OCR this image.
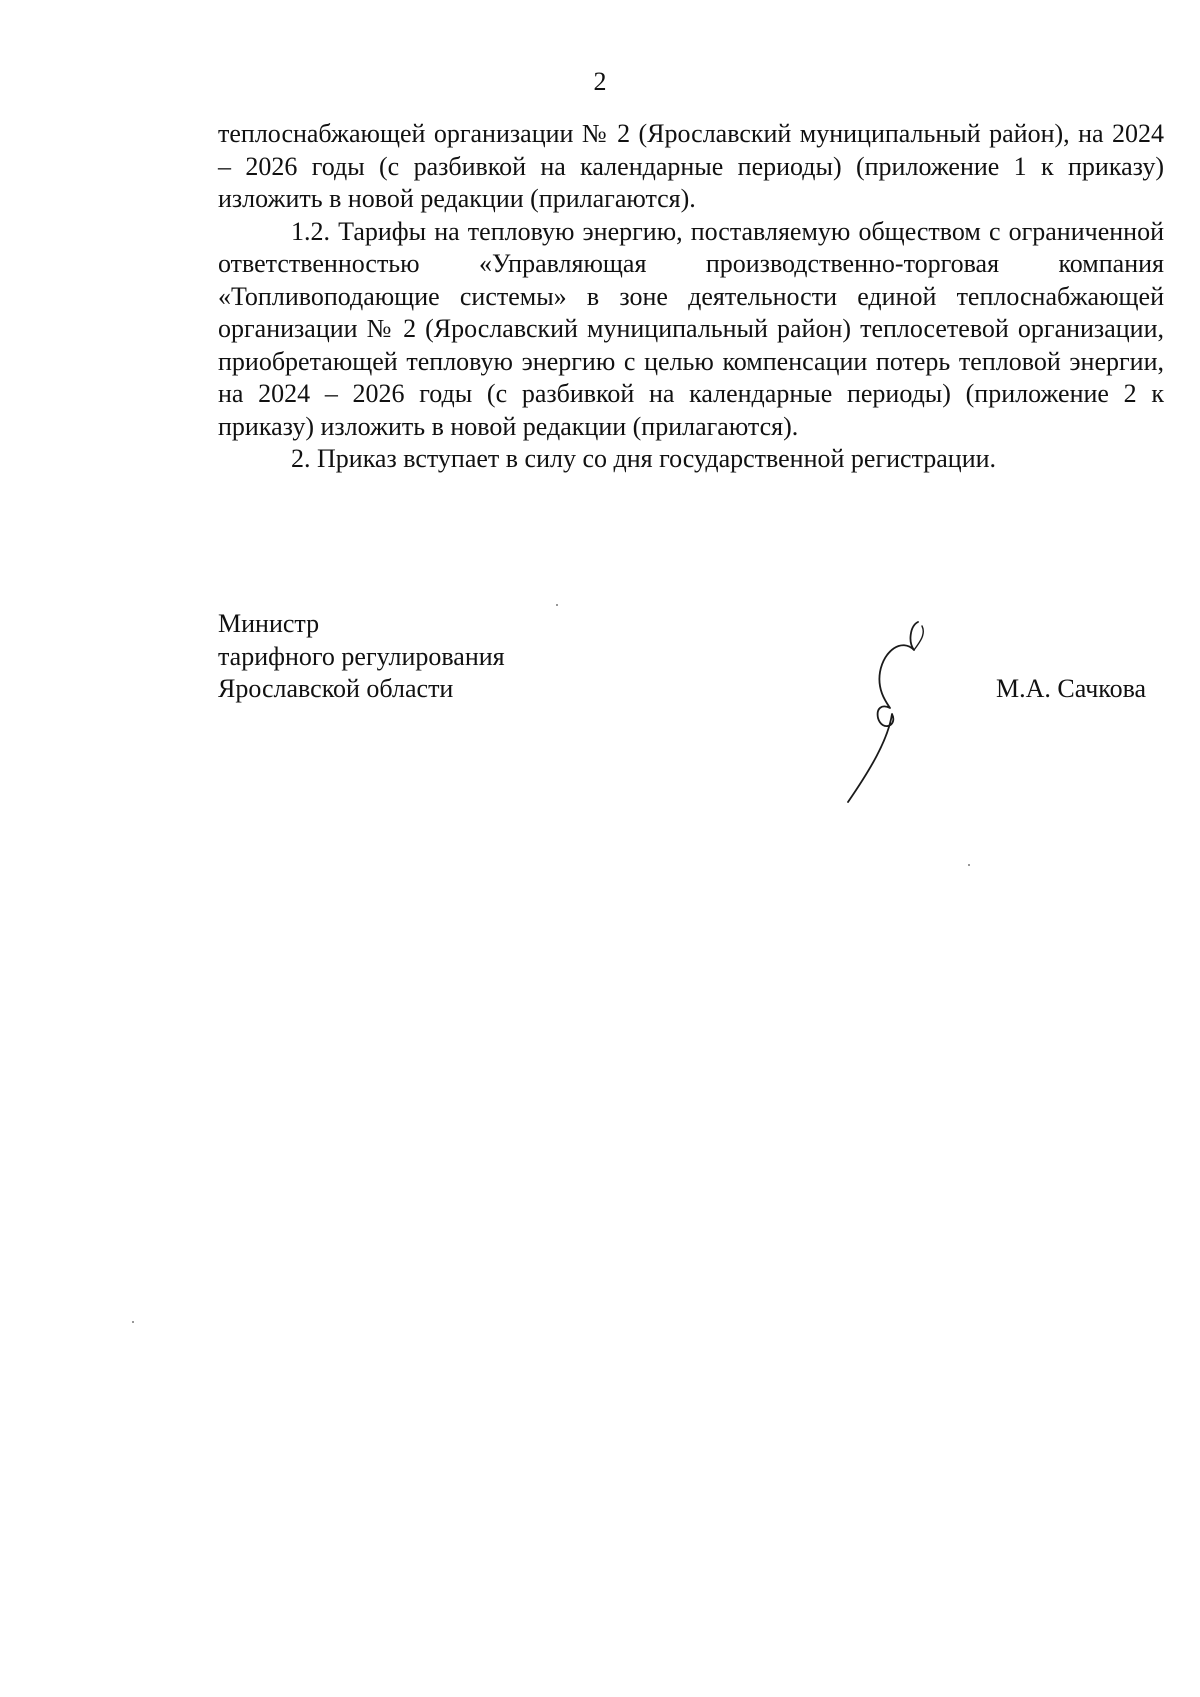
2

теплоснабжающей организации № 2 (Ярославский муниципальный район), на 2024 – 2026 годы (с разбивкой на календарные периоды) (приложение 1 к приказу) изложить в новой редакции (прилагаются).

1.2. Тарифы на тепловую энергию, поставляемую обществом с ограниченной ответственностью «Управляющая производственно-торговая компания «Топливоподающие системы» в зоне деятельности единой теплоснабжающей организации № 2 (Ярославский муниципальный район) теплосетевой организации, приобретающей тепловую энергию с целью компенсации потерь тепловой энергии, на 2024 – 2026 годы (с разбивкой на календарные периоды) (приложение 2 к приказу) изложить в новой редакции (прилагаются).

2. Приказ вступает в силу со дня государственной регистрации.

Министр
тарифного регулирования
Ярославской области	М.А. Сачкова
